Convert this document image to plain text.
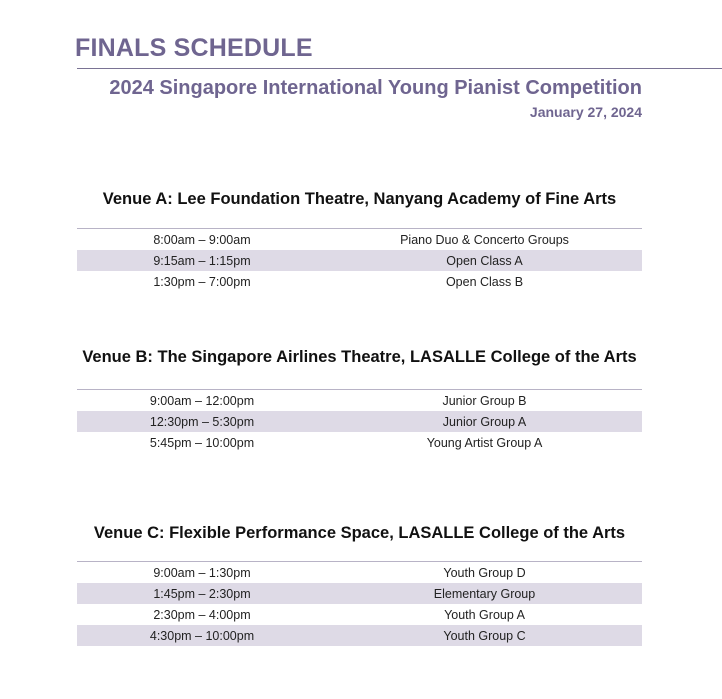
FINALS SCHEDULE
2024 Singapore International Young Pianist Competition
January 27, 2024
Venue A: Lee Foundation Theatre, Nanyang Academy of Fine Arts
8:00am – 9:00am	Piano Duo & Concerto Groups
9:15am – 1:15pm	Open Class A
1:30pm – 7:00pm	Open Class B
Venue B: The Singapore Airlines Theatre, LASALLE College of the Arts
9:00am – 12:00pm	Junior Group B
12:30pm – 5:30pm	Junior Group A
5:45pm – 10:00pm	Young Artist Group A
Venue C: Flexible Performance Space, LASALLE College of the Arts
9:00am – 1:30pm	Youth Group D
1:45pm – 2:30pm	Elementary Group
2:30pm – 4:00pm	Youth Group A
4:30pm – 10:00pm	Youth Group C
